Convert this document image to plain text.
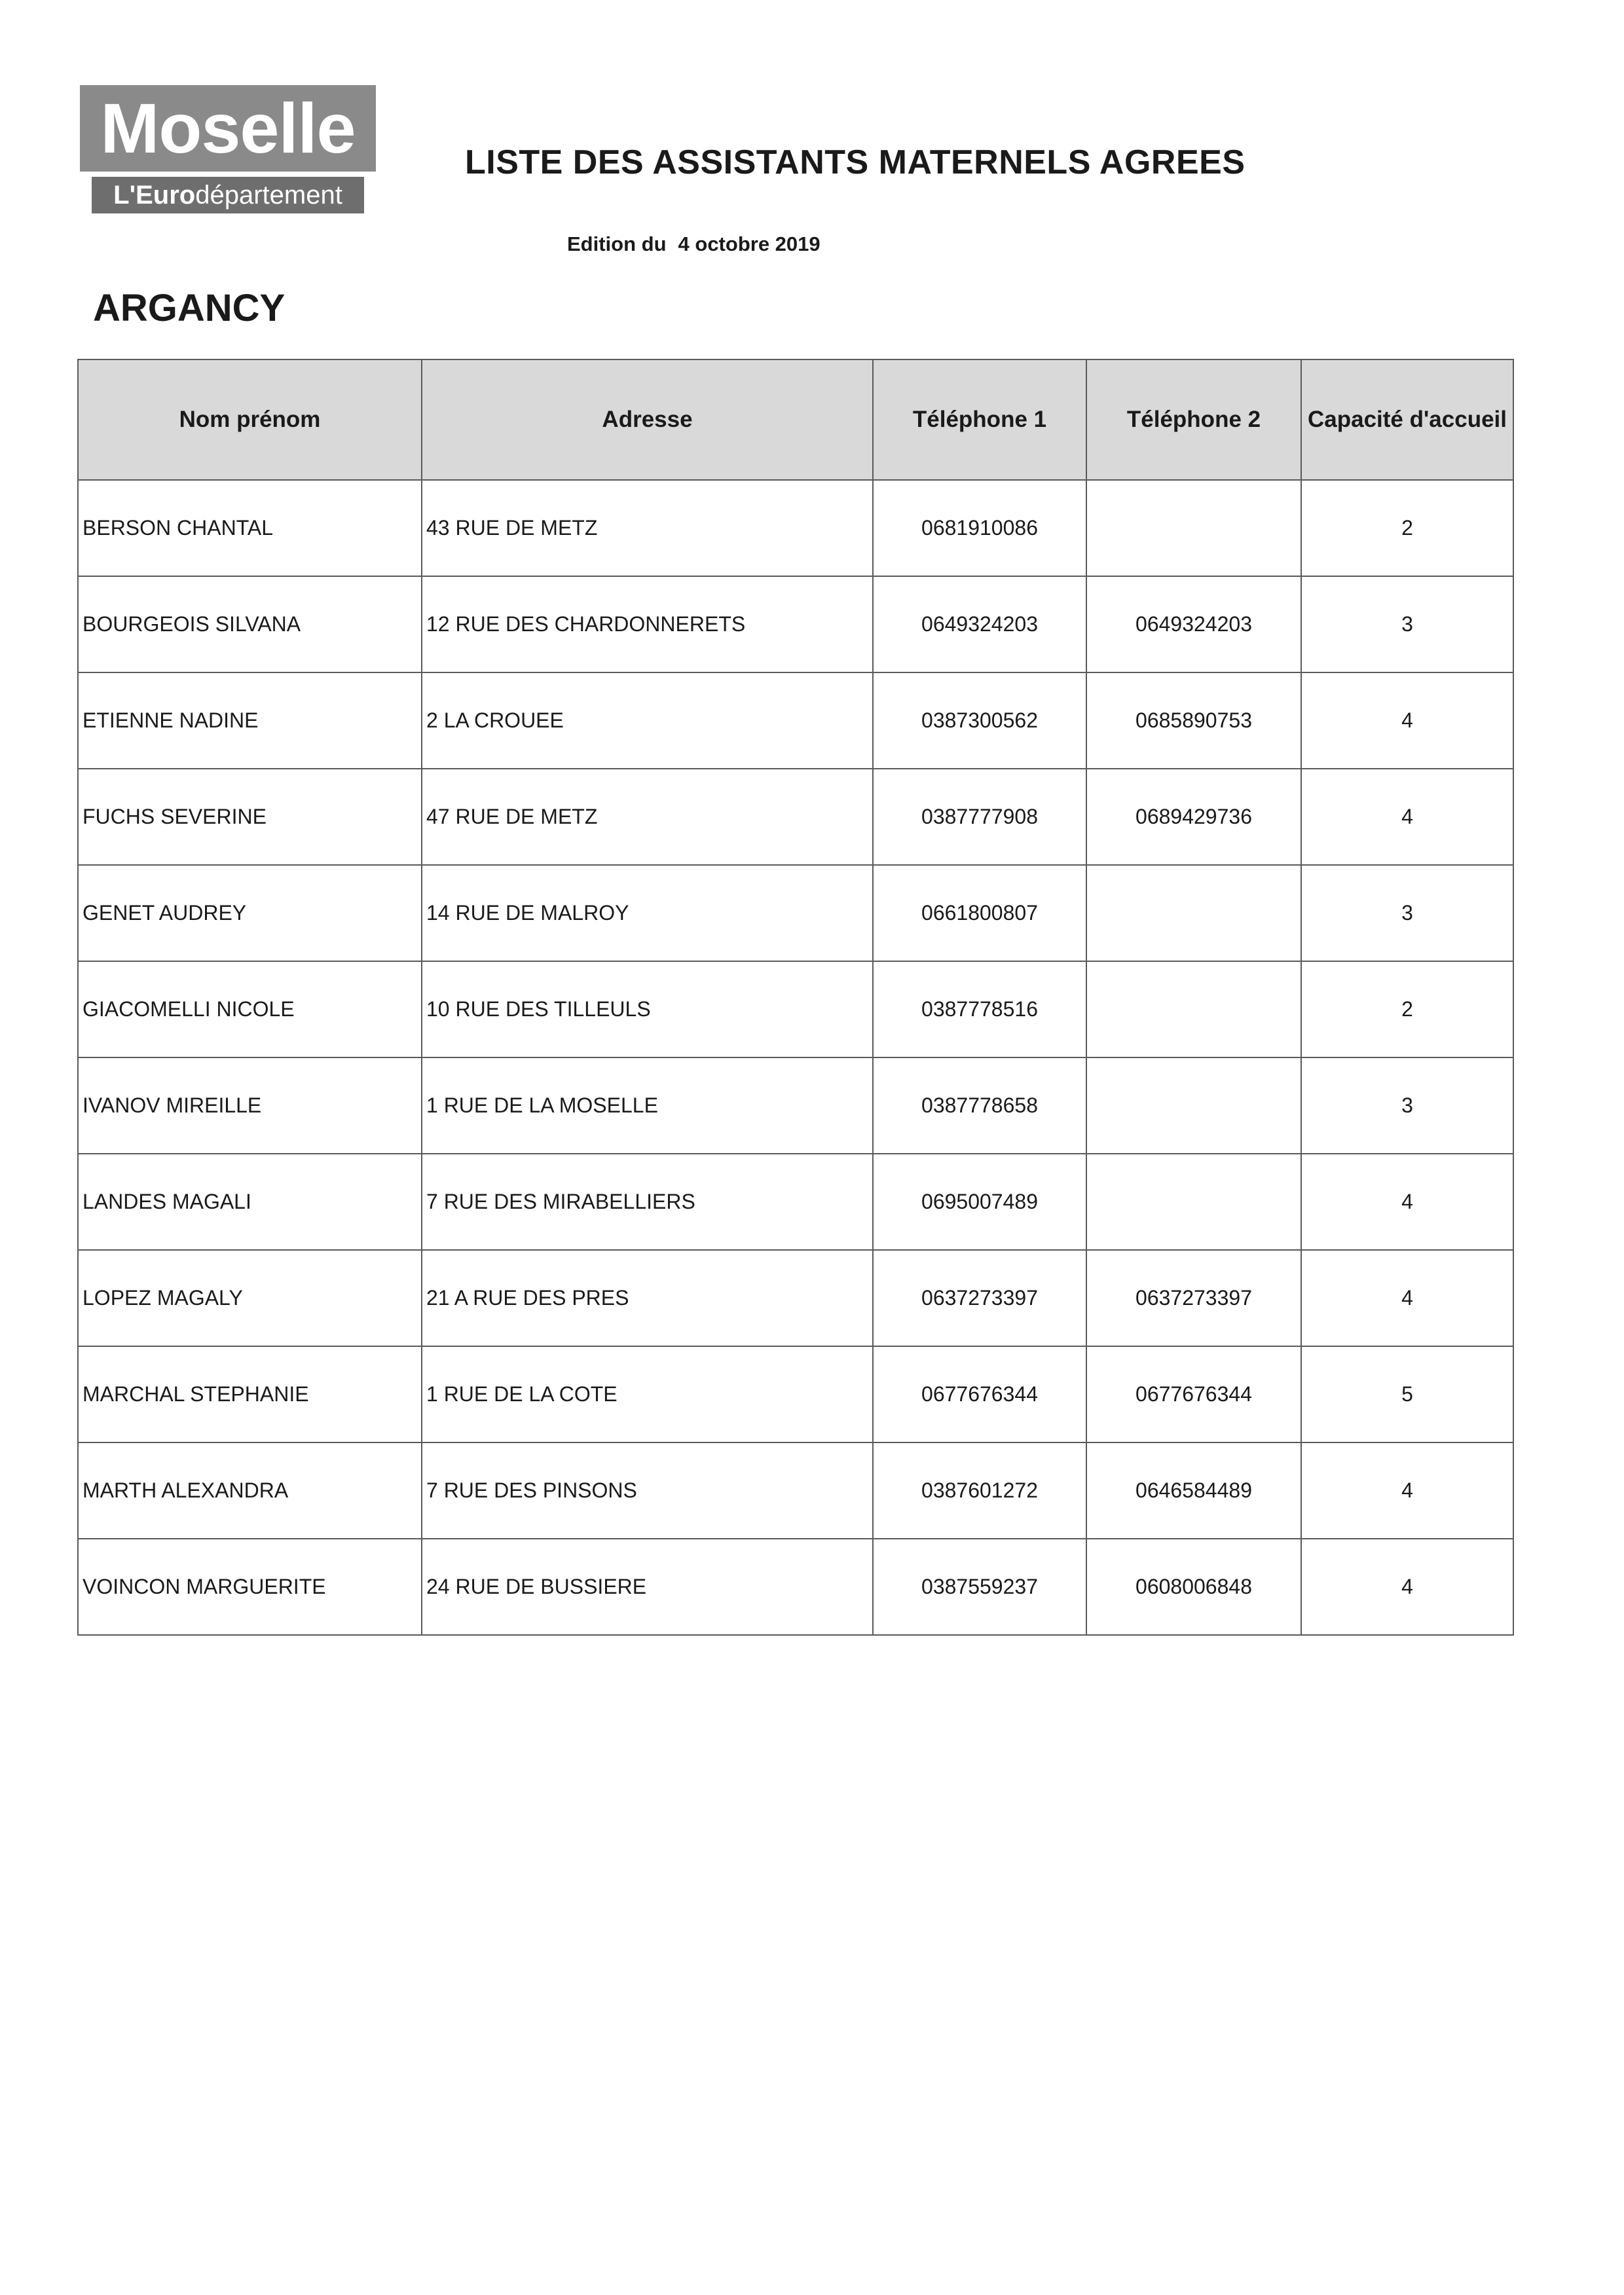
Moselle
L'Eurodépartement
LISTE DES ASSISTANTS MATERNELS AGREES
Edition du 4 octobre 2019
ARGANCY
Nom prénom	Adresse	Téléphone 1	Téléphone 2	Capacité d'accueil
BERSON CHANTAL	43 RUE DE METZ	0681910086		2
BOURGEOIS SILVANA	12 RUE DES CHARDONNERETS	0649324203	0649324203	3
ETIENNE NADINE	2 LA CROUEE	0387300562	0685890753	4
FUCHS SEVERINE	47 RUE DE METZ	0387777908	0689429736	4
GENET AUDREY	14 RUE DE MALROY	0661800807		3
GIACOMELLI NICOLE	10 RUE DES TILLEULS	0387778516		2
IVANOV MIREILLE	1 RUE DE LA MOSELLE	0387778658		3
LANDES MAGALI	7 RUE DES MIRABELLIERS	0695007489		4
LOPEZ MAGALY	21 A RUE DES PRES	0637273397	0637273397	4
MARCHAL STEPHANIE	1 RUE DE LA COTE	0677676344	0677676344	5
MARTH ALEXANDRA	7 RUE DES PINSONS	0387601272	0646584489	4
VOINCON MARGUERITE	24 RUE DE BUSSIERE	0387559237	0608006848	4
